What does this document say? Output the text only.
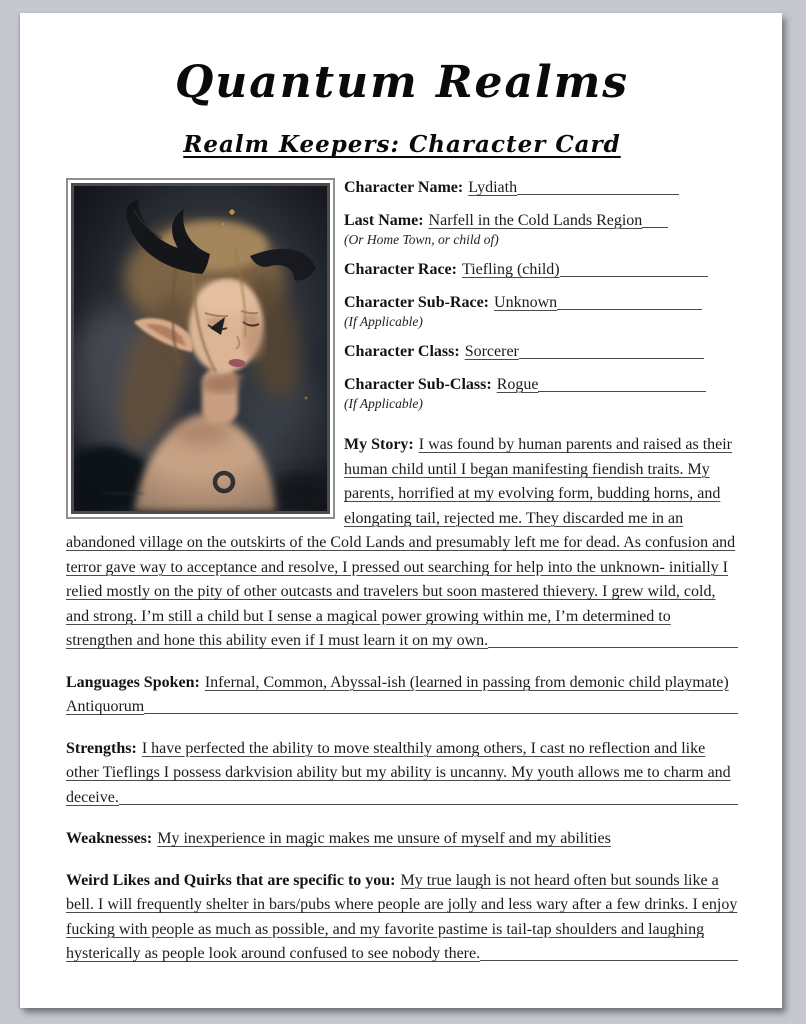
Quantum Realms
Realm Keepers: Character Card

Character Name: Lydiath

Last Name: Narfell in the Cold Lands Region

(Or Home Town, or child of)

Character Race: Tiefling (child)

Character Sub-Race: Unknown

(If Applicable)

Character Class: Sorcerer

Character Sub-Class: Rogue

(If Applicable)

My Story: I was found by human parents and raised as their human child until I began manifesting fiendish traits. My parents, horrified at my evolving form, budding horns, and elongating tail, rejected me. They discarded me in an abandoned village on the outskirts of the Cold Lands and presumably left me for dead. As confusion and terror gave way to acceptance and resolve, I pressed out searching for help into the unknown- initially I relied mostly on the pity of other outcasts and travelers but soon mastered thievery. I grew wild, cold, and strong. I’m still a child but I sense a magical power growing within me, I’m determined to strengthen and hone this ability even if I must learn it on my own.

Languages Spoken: Infernal, Common, Abyssal-ish (learned in passing from demonic child playmate) Antiquorum

Strengths: I have perfected the ability to move stealthily among others, I cast no reflection and like other Tieflings I possess darkvision ability but my ability is uncanny. My youth allows me to charm and deceive.

Weaknesses: My inexperience in magic makes me unsure of myself and my abilities

Weird Likes and Quirks that are specific to you: My true laugh is not heard often but sounds like a bell. I will frequently shelter in bars/pubs where people are jolly and less wary after a few drinks. I enjoy fucking with people as much as possible, and my favorite pastime is tail-tap shoulders and laughing hysterically as people look around confused to see nobody there.
